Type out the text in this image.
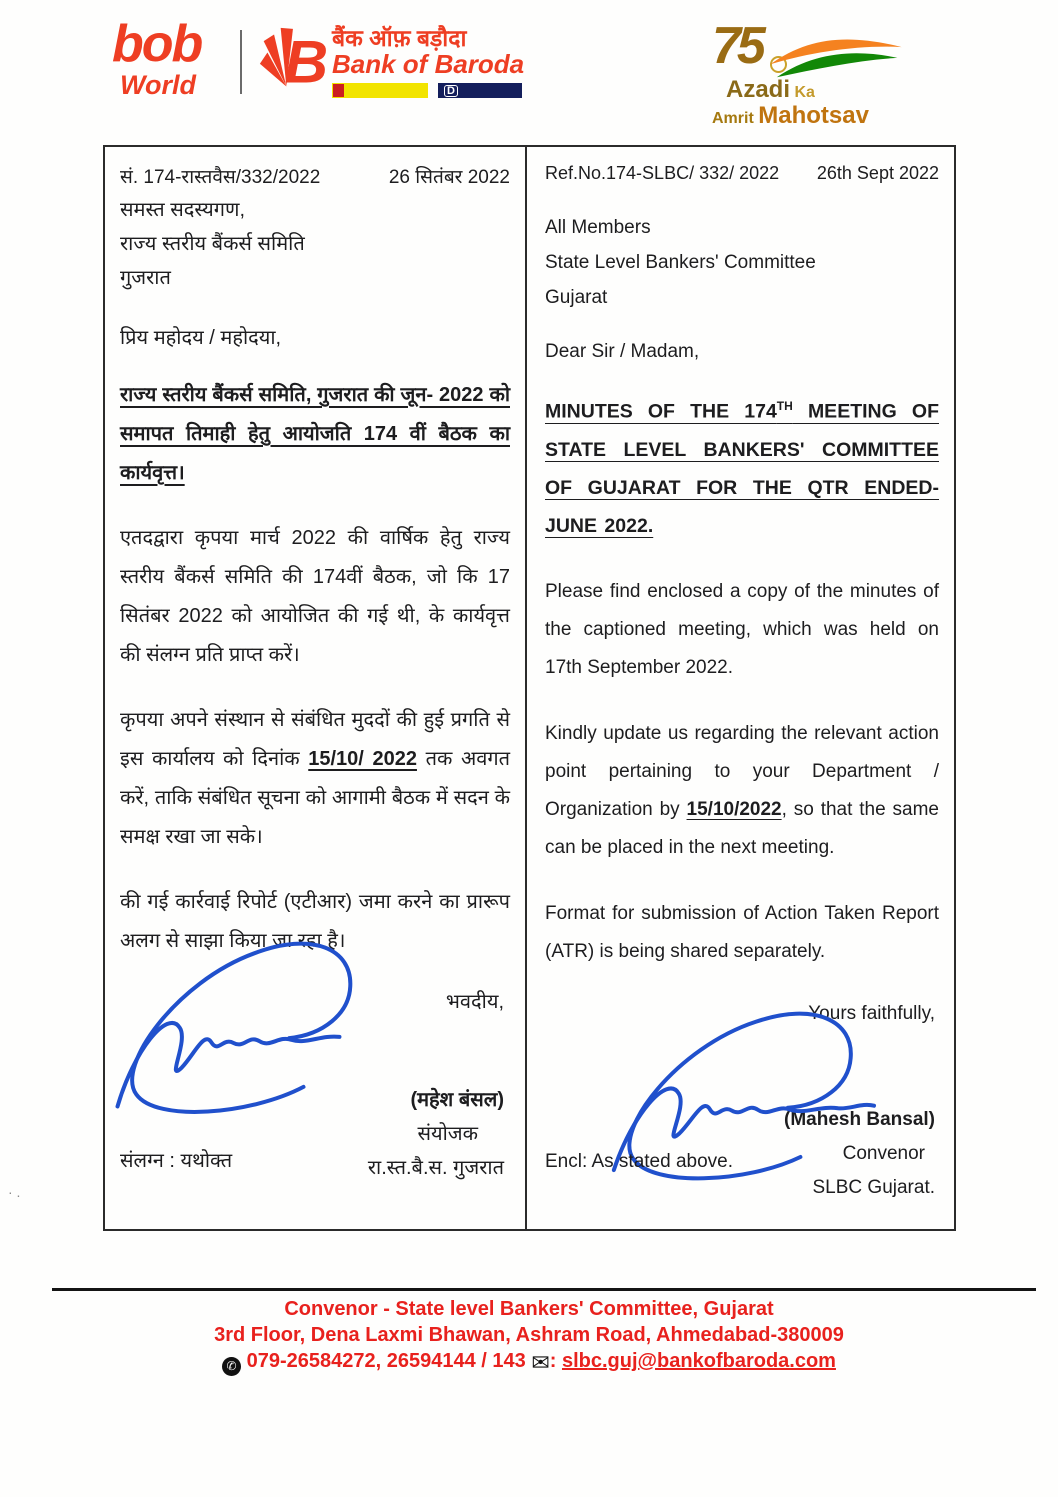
bob
World B बैंक ऑफ़ बड़ौदा
Bank of Baroda
D
75
Azadi Ka
Amrit Mahotsav
सं. 174-रास्तवैस/332/2022	26 सितंबर 2022
समस्त सदस्यगण,
राज्य स्तरीय बैंकर्स समिति
गुजरात
प्रिय महोदय / महोदया,
राज्य स्तरीय बैंकर्स समिति, गुजरात की जून- 2022 को समापत तिमाही हेतु आयोजति 174 वीं बैठक का कार्यवृत्त।
एतदद्वारा कृपया मार्च 2022 की वार्षिक हेतु राज्य स्तरीय बैंकर्स समिति की 174वीं बैठक, जो कि 17 सितंबर 2022 को आयोजित की गई थी, के कार्यवृत्त की संलग्न प्रति प्राप्त करें।
कृपया अपने संस्थान से संबंधित मुददों की हुई प्रगति से इस कार्यालय को दिनांक 15/10/ 2022 तक अवगत करें, ताकि संबंधित सूचना को आगामी बैठक में सदन के समक्ष रखा जा सके।
की गई कार्रवाई रिपोर्ट (एटीआर) जमा करने का प्रारूप अलग से साझा किया जा रहा है।
भवदीय,
(महेश बंसल)
संयोजक
रा.स्त.बै.स. गुजरात
संलग्न : यथोक्त
Ref.No.174-SLBC/ 332/ 2022 26th Sept 2022
All Members
State Level Bankers' Committee
Gujarat
Dear Sir / Madam,
MINUTES OF THE 174TH MEETING OF STATE LEVEL BANKERS' COMMITTEE OF GUJARAT FOR THE QTR ENDED- JUNE 2022.
Please find enclosed a copy of the minutes of the captioned meeting, which was held on 17th September 2022.
Kindly update us regarding the relevant action point pertaining to your Department / Organization by 15/10/2022, so that the same can be placed in the next meeting.
Format for submission of Action Taken Report (ATR) is being shared separately.
Yours faithfully,
(Mahesh Bansal)
Convenor
SLBC Gujarat.
Encl: As stated above.
· .
Convenor - State level Bankers' Committee, Gujarat
3rd Floor, Dena Laxmi Bhawan, Ashram Road, Ahmedabad-380009
✆ 079-26584272, 26594144 / 143 ✉: slbc.guj@bankofbaroda.com
